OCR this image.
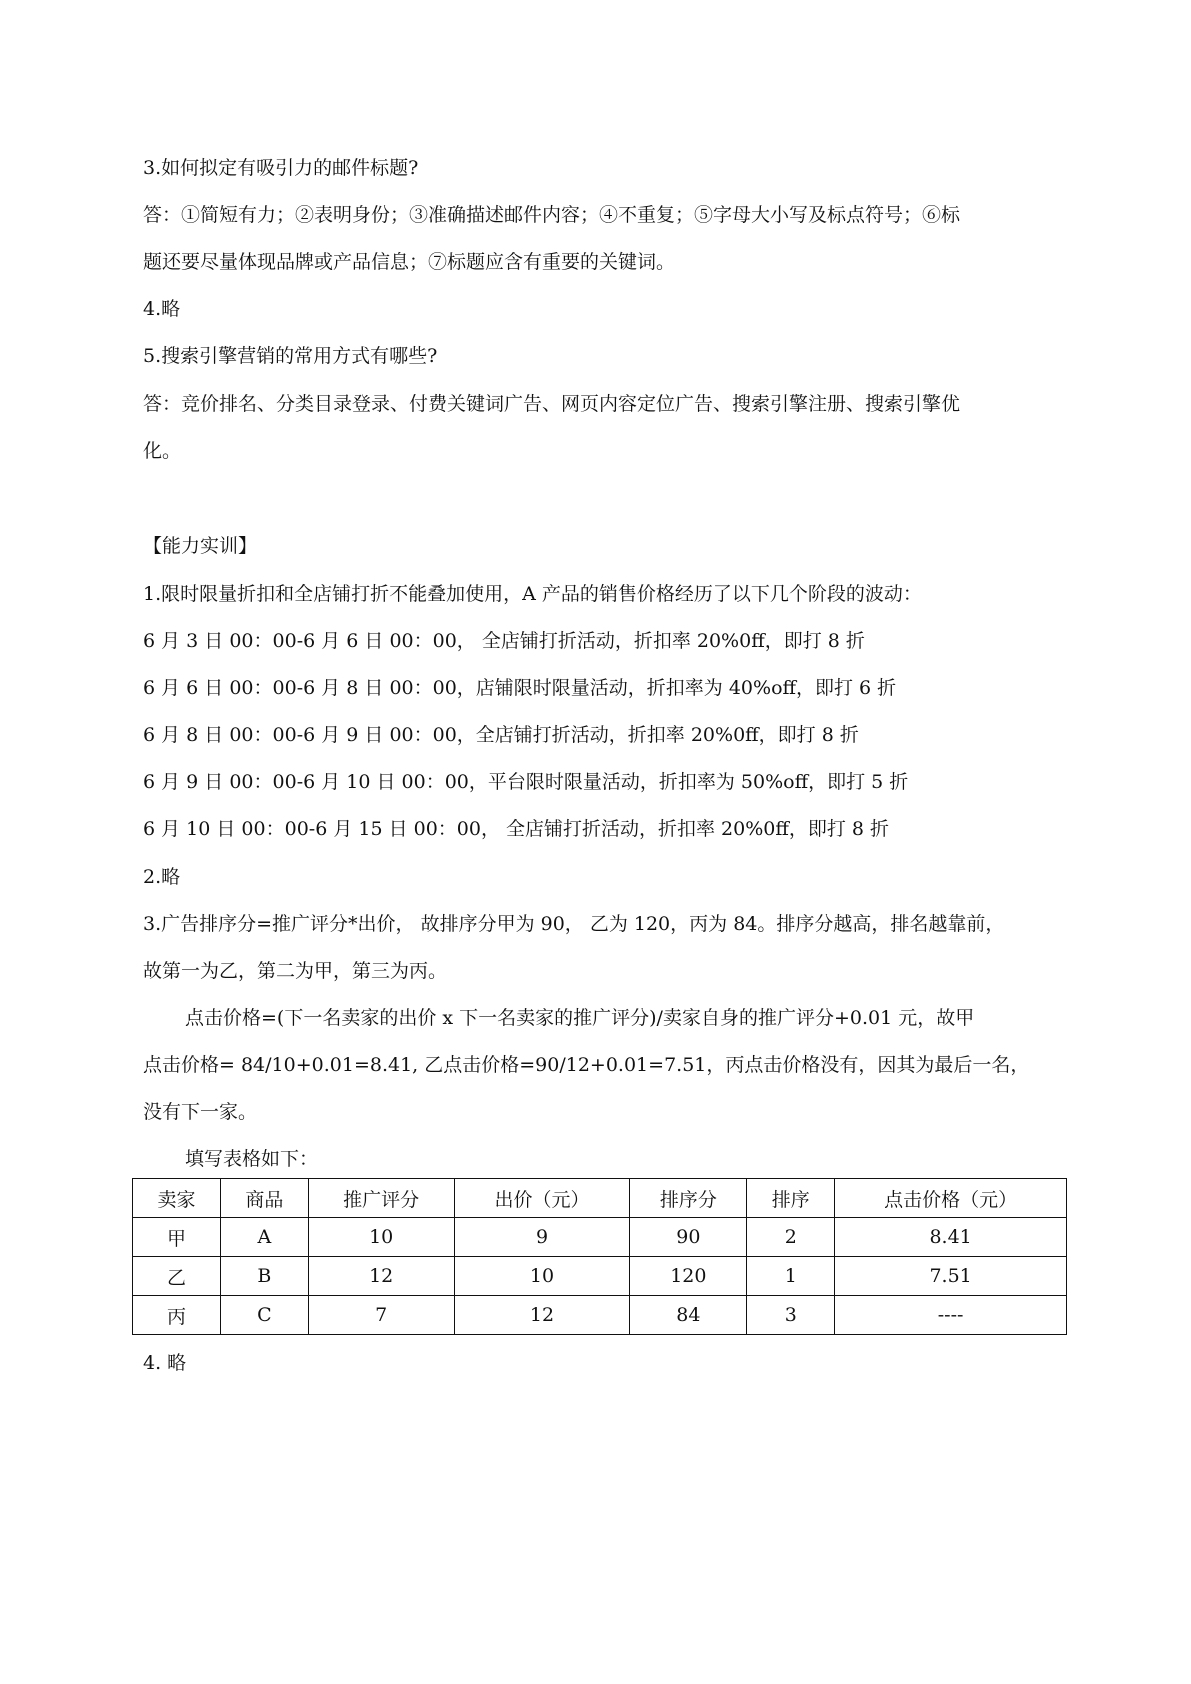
3.如何拟定有吸引力的邮件标题?
答：①简短有力；②表明身份；③准确描述邮件内容；④不重复；⑤字母大小写及标点符号；⑥标
题还要尽量体现品牌或产品信息；⑦标题应含有重要的关键词。
4.略
5.搜索引擎营销的常用方式有哪些?
答：竞价排名、分类目录登录、付费关键词广告、网页内容定位广告、搜索引擎注册、搜索引擎优
化。
【能力实训】
1.限时限量折扣和全店铺打折不能叠加使用，A 产品的销售价格经历了以下几个阶段的波动：
6 月 3 日 00：00-6 月 6 日 00：00， 全店铺打折活动，折扣率 20%0ff，即打 8 折
6 月 6 日 00：00-6 月 8 日 00：00，店铺限时限量活动，折扣率为 40%off，即打 6 折
6 月 8 日 00：00-6 月 9 日 00：00，全店铺打折活动，折扣率 20%0ff，即打 8 折
6 月 9 日 00：00-6 月 10 日 00：00，平台限时限量活动，折扣率为 50%off，即打 5 折
6 月 10 日 00：00-6 月 15 日 00：00， 全店铺打折活动，折扣率 20%0ff，即打 8 折
2.略
3.广告排序分=推广评分*出价， 故排序分甲为 90， 乙为 120，丙为 84。排序分越高，排名越靠前，
故第一为乙，第二为甲，第三为丙。
点击价格=(下一名卖家的出价 x 下一名卖家的推广评分)/卖家自身的推广评分+0.01 元，故甲
点击价格= 84/10+0.01=8.41, 乙点击价格=90/12+0.01=7.51，丙点击价格没有，因其为最后一名，
没有下一家。
填写表格如下：
卖家	商品	推广评分	出价（元）	排序分	排序	点击价格（元）
甲	A	10	9	90	2	8.41
乙	B	12	10	120	1	7.51
丙	C	7	12	84	3	----
4. 略
